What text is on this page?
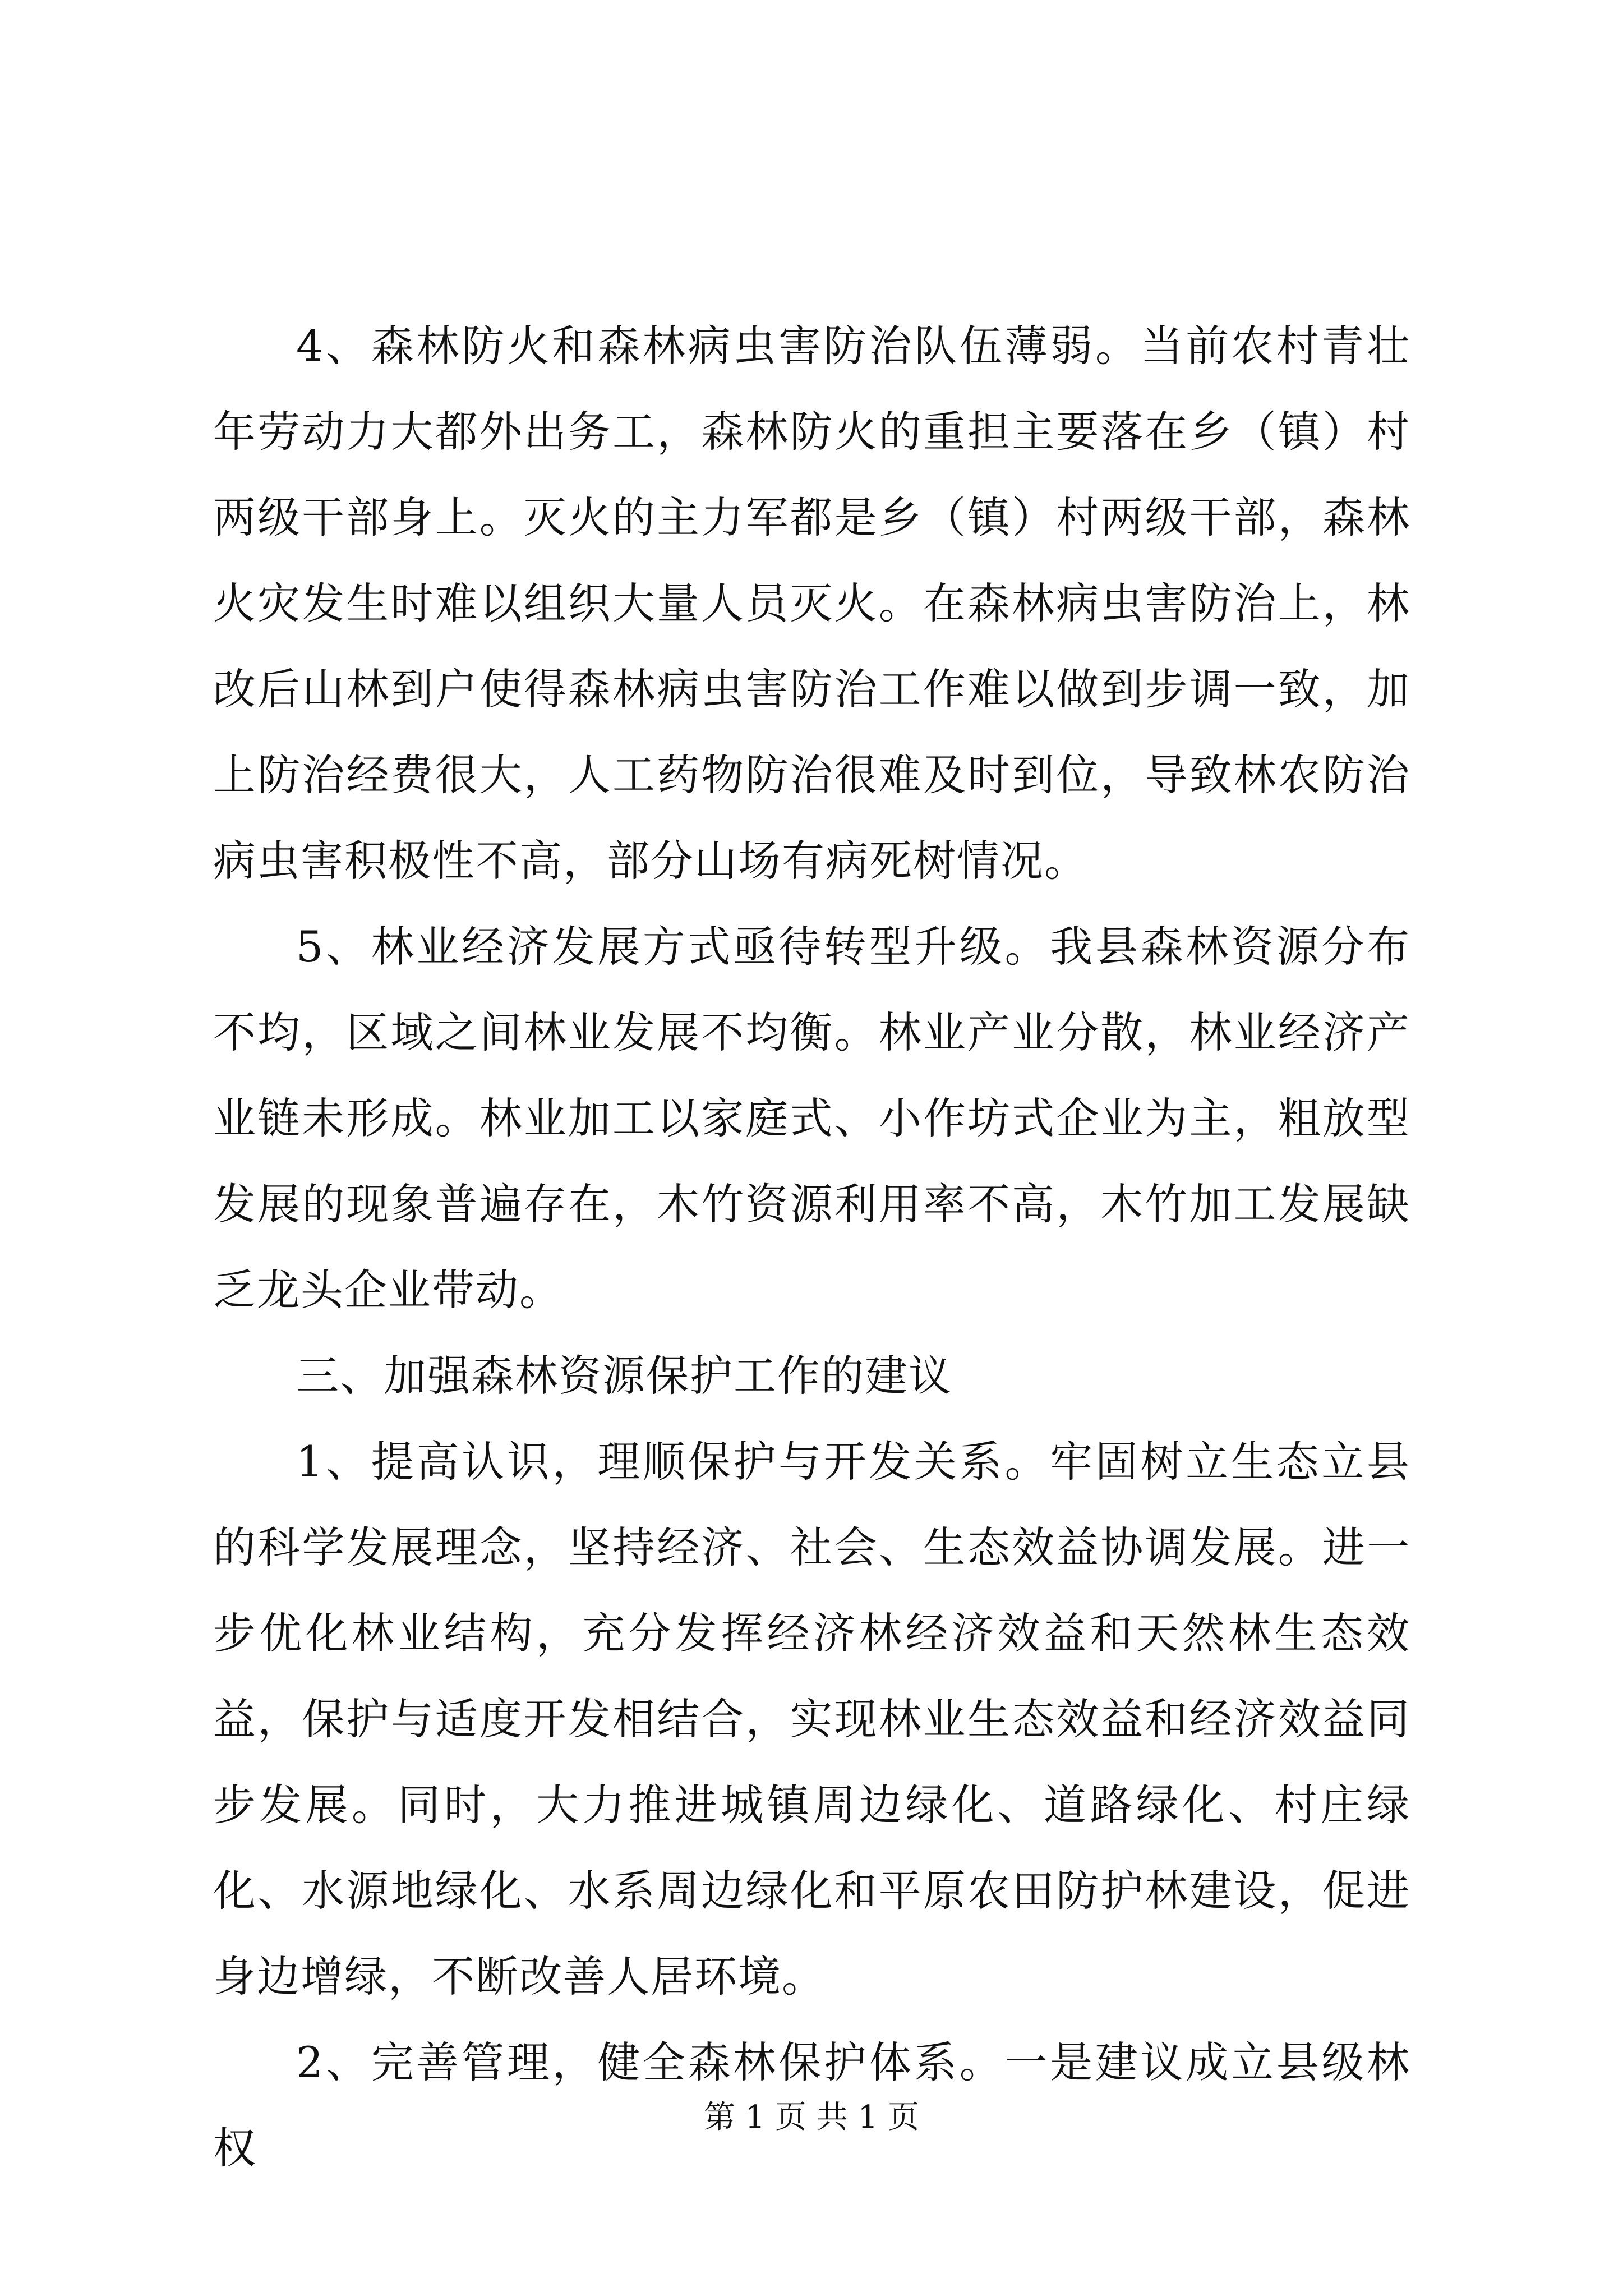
4、森林防火和森林病虫害防治队伍薄弱。当前农村青壮年劳动力大都外出务工，森林防火的重担主要落在乡（镇）村两级干部身上。灭火的主力军都是乡（镇）村两级干部，森林火灾发生时难以组织大量人员灭火。在森林病虫害防治上，林改后山林到户使得森林病虫害防治工作难以做到步调一致，加上防治经费很大，人工药物防治很难及时到位，导致林农防治病虫害积极性不高，部分山场有病死树情况。

5、林业经济发展方式亟待转型升级。我县森林资源分布不均，区域之间林业发展不均衡。林业产业分散，林业经济产业链未形成。林业加工以家庭式、小作坊式企业为主，粗放型发展的现象普遍存在，木竹资源利用率不高，木竹加工发展缺乏龙头企业带动。

三、加强森林资源保护工作的建议

1、提高认识，理顺保护与开发关系。牢固树立生态立县的科学发展理念，坚持经济、社会、生态效益协调发展。进一步优化林业结构，充分发挥经济林经济效益和天然林生态效益，保护与适度开发相结合，实现林业生态效益和经济效益同步发展。同时，大力推进城镇周边绿化、道路绿化、村庄绿化、水源地绿化、水系周边绿化和平原农田防护林建设，促进身边增绿，不断改善人居环境。

2、完善管理，健全森林保护体系。一是建议成立县级林权

第 1 页 共 1 页
